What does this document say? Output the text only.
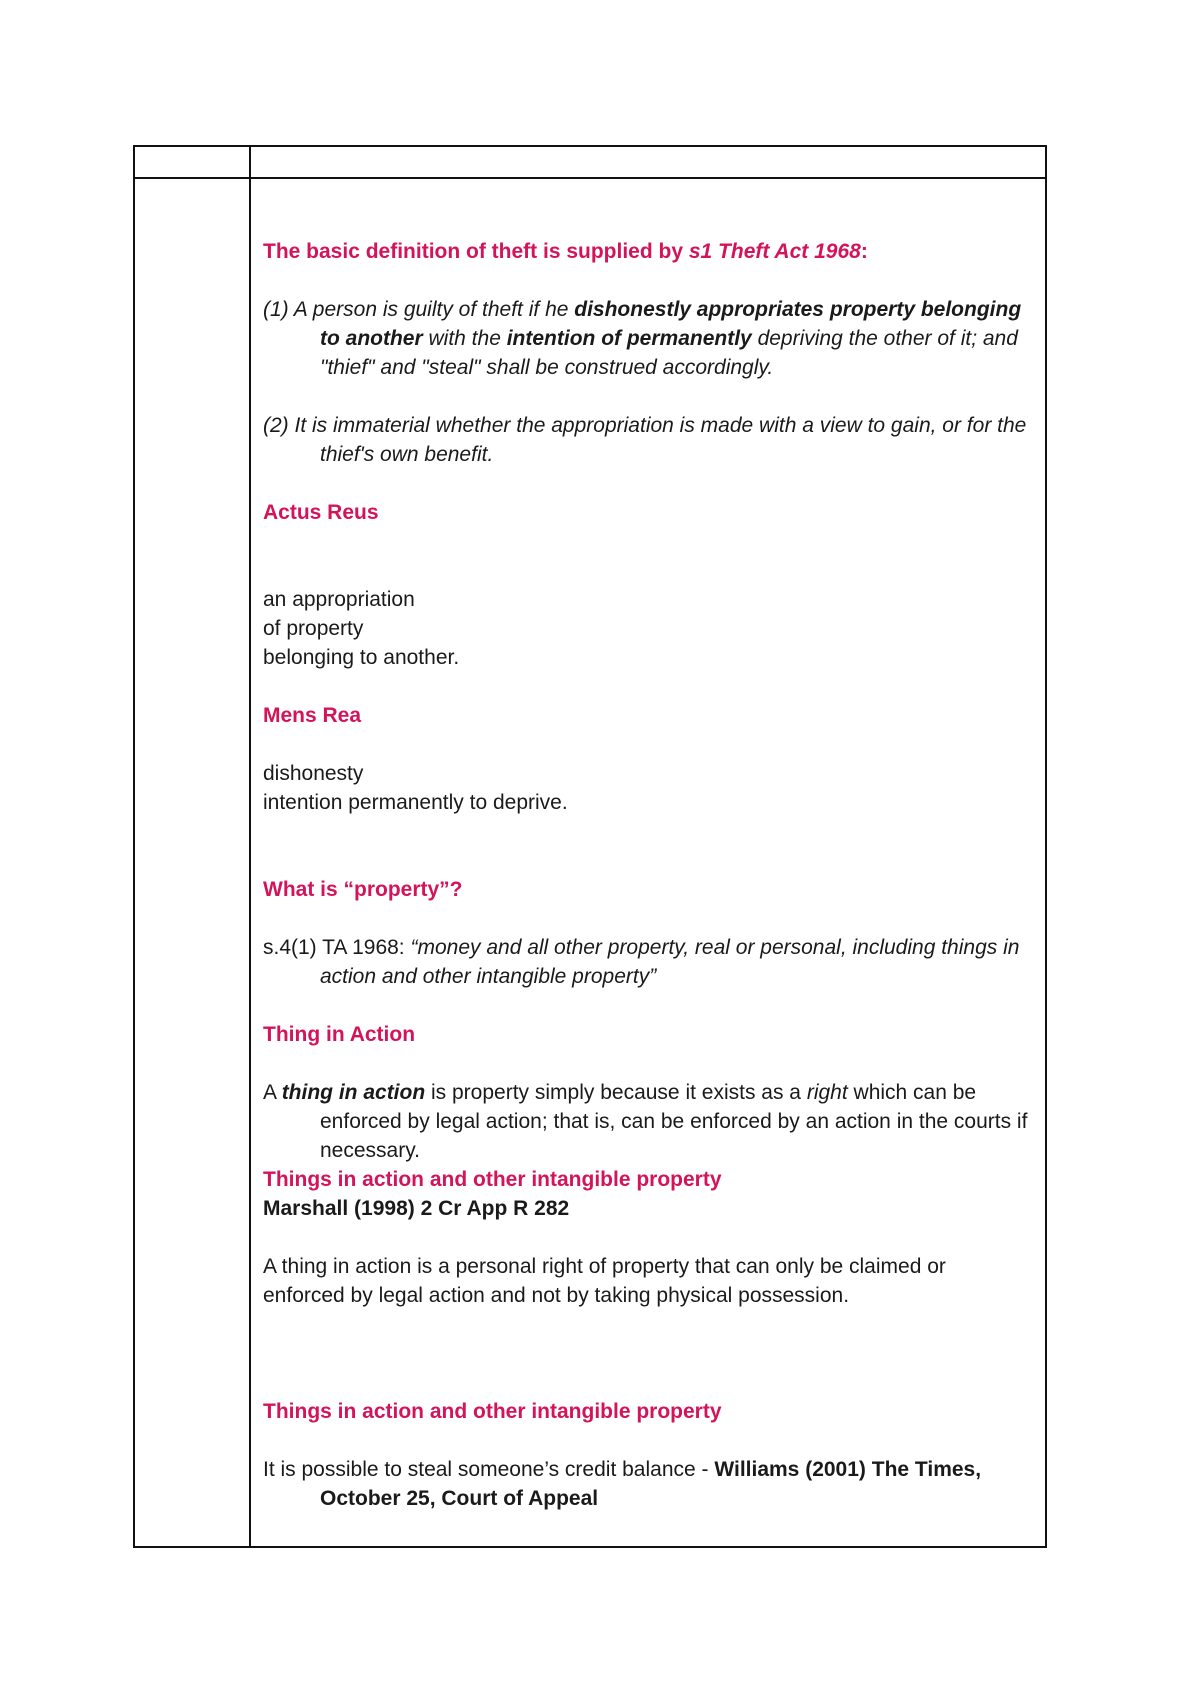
The basic definition of theft is supplied by s1 Theft Act 1968:

(1) A person is guilty of theft if he dishonestly appropriates property belonging to another with the intention of permanently depriving the other of it; and "thief" and "steal" shall be construed accordingly.

(2) It is immaterial whether the appropriation is made with a view to gain, or for the thief's own benefit.

Actus Reus

an appropriation

of property

belonging to another.

Mens Rea

dishonesty

intention permanently to deprive.

What is “property”?

s.4(1) TA 1968: “money and all other property, real or personal, including things in action and other intangible property”

Thing in Action

A thing in action is property simply because it exists as a right which can be enforced by legal action; that is, can be enforced by an action in the courts if necessary.

Things in action and other intangible property

Marshall (1998) 2 Cr App R 282

A thing in action is a personal right of property that can only be claimed or enforced by legal action and not by taking physical possession.

Things in action and other intangible property

It is possible to steal someone’s credit balance - Williams (2001) The Times, October 25, Court of Appeal
